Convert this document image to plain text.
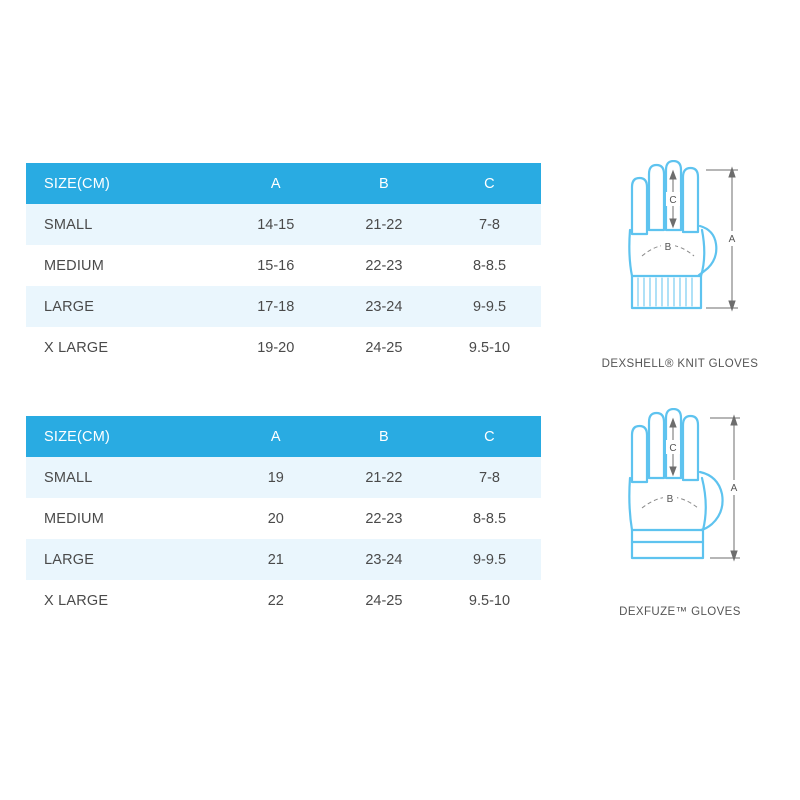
SIZE(CM)	A	B	C
SMALL	14-15	21-22	7-8
MEDIUM	15-16	22-23	8-8.5
LARGE	17-18	23-24	9-9.5
X LARGE	19-20	24-25	9.5-10
SIZE(CM)	A	B	C
SMALL	19	21-22	7-8
MEDIUM	20	22-23	8-8.5
LARGE	21	23-24	9-9.5
X LARGE	22	24-25	9.5-10
C
B
A
DEXSHELL® KNIT GLOVES
C
B
A
DEXFUZE™ GLOVES
